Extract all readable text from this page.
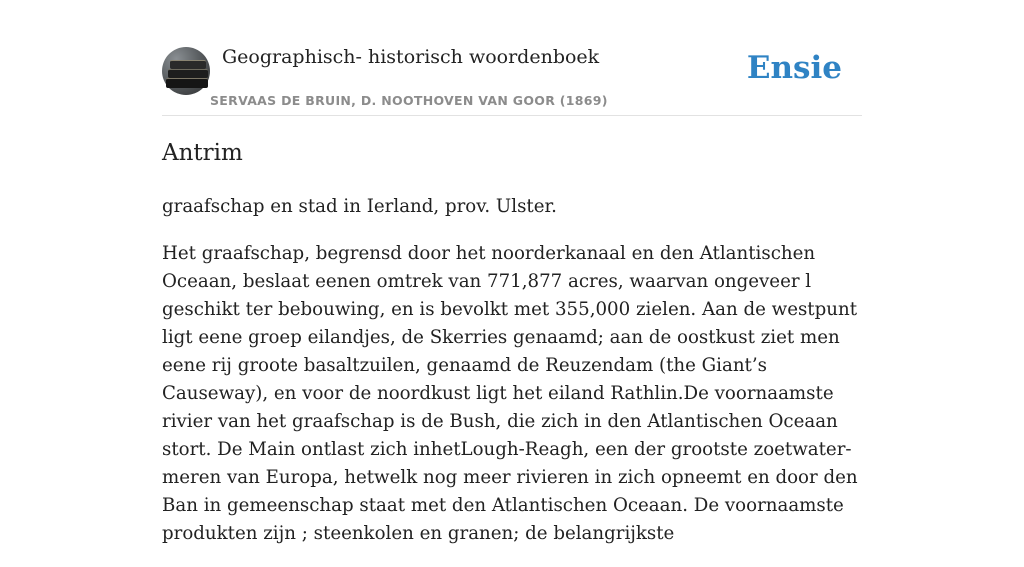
Geographisch- historisch woordenboek
SERVAAS DE BRUIN, D. NOOTHOVEN VAN GOOR (1869)
Ensie
Antrim

graafschap en stad in Ierland, prov. Ulster.

Het graafschap, begrensd door het noorderkanaal en den Atlantischen Oceaan, beslaat eenen omtrek van 771,877 acres, waarvan ongeveer l geschikt ter bebouwing, en is bevolkt met 355,000 zielen. Aan de westpunt ligt eene groep eilandjes, de Skerries genaamd; aan de oostkust ziet men eene rij groote basaltzuilen, genaamd de Reuzendam (the Giant’s Causeway), en voor de noordkust ligt het eiland Rathlin.De voornaamste rivier van het graafschap is de Bush, die zich in den Atlantischen Oceaan stort. De Main ontlast zich inhetLough-Reagh, een der grootste zoetwater-meren van Europa, hetwelk nog meer rivieren in zich opneemt en door den Ban in gemeenschap staat met den Atlantischen Oceaan. De voornaamste produkten zijn ; steenkolen en granen; de belangrijkste
